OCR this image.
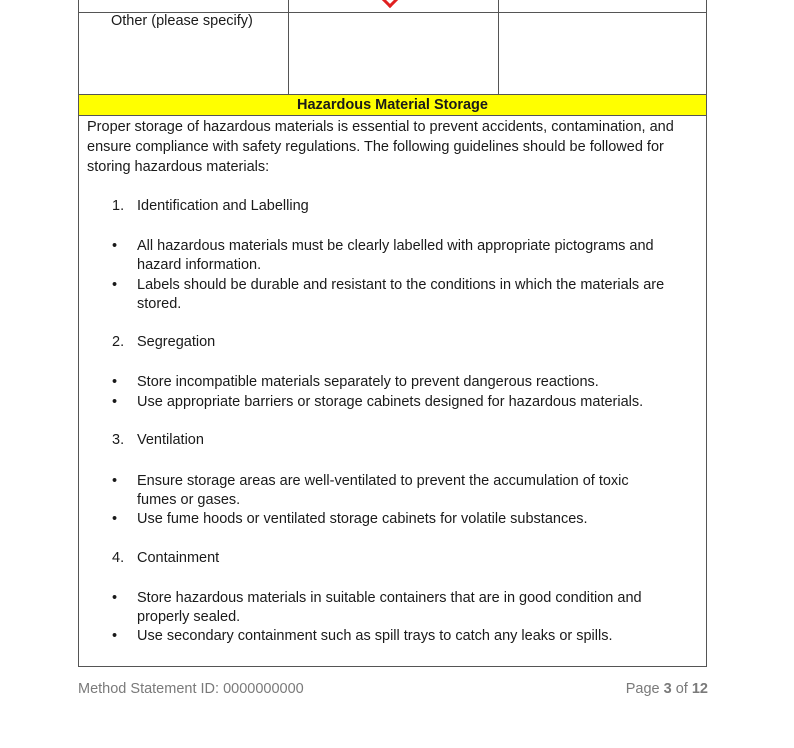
Other (please specify)
Hazardous Material Storage

Proper storage of hazardous materials is essential to prevent accidents, contamination, and ensure compliance with safety regulations. The following guidelines should be followed for storing hazardous materials:

1. Identification and Labelling
• All hazardous materials must be clearly labelled with appropriate pictograms and hazard information.
• Labels should be durable and resistant to the conditions in which the materials are stored.
2. Segregation
• Store incompatible materials separately to prevent dangerous reactions.
• Use appropriate barriers or storage cabinets designed for hazardous materials.
3. Ventilation
• Ensure storage areas are well-ventilated to prevent the accumulation of toxic fumes or gases.
• Use fume hoods or ventilated storage cabinets for volatile substances.
4. Containment
• Store hazardous materials in suitable containers that are in good condition and properly sealed.
• Use secondary containment such as spill trays to catch any leaks or spills.
Method Statement ID: 0000000000	Page 3 of 12
